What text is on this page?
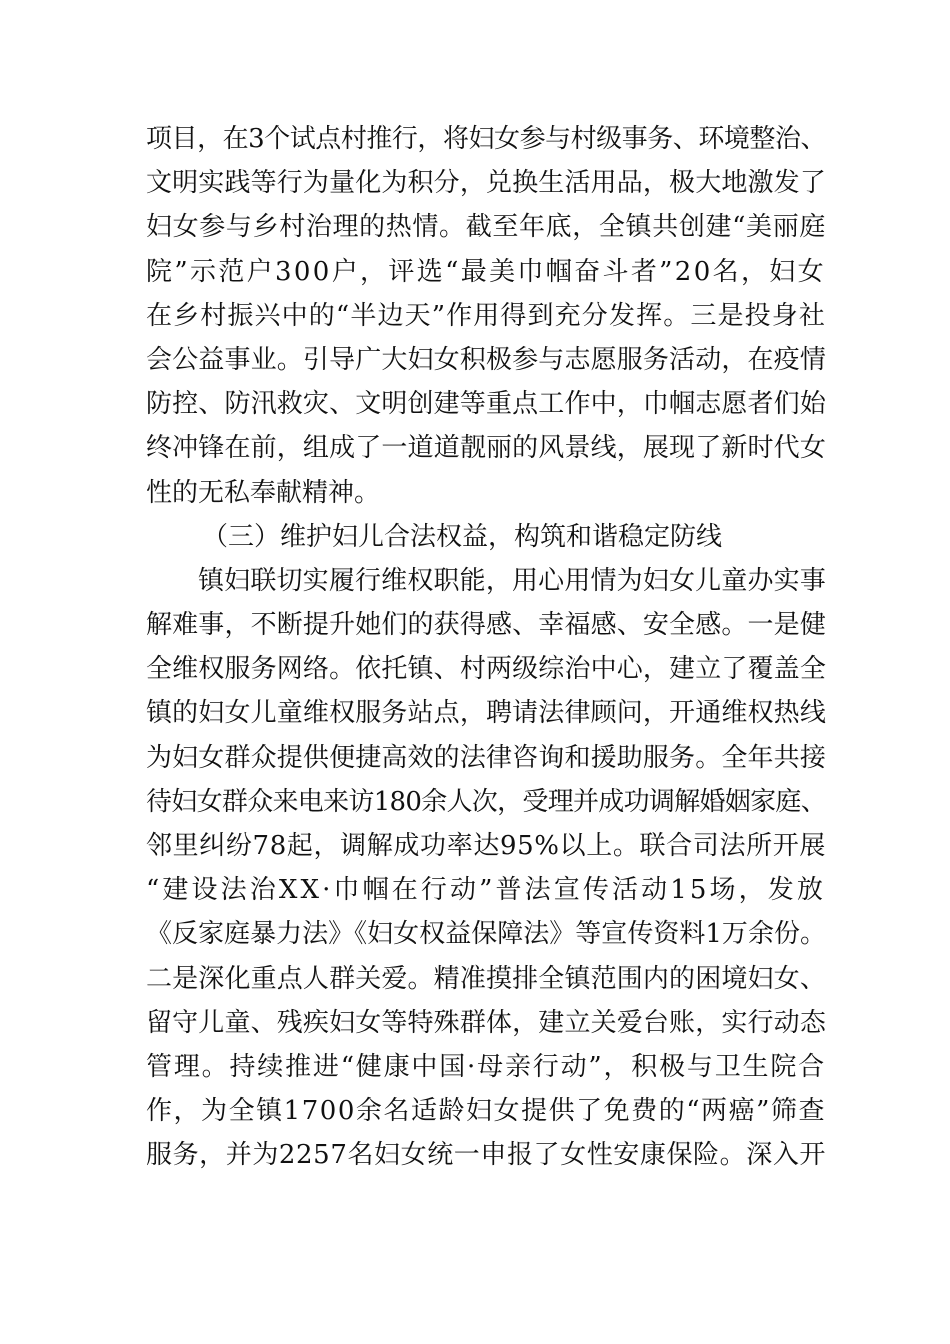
项目，在3个试点村推行，将妇女参与村级事务、环境整治、
文明实践等行为量化为积分，兑换生活用品，极大地激发了
妇女参与乡村治理的热情。截至年底，全镇共创建“美丽庭
院”示范户300户，评选“最美巾帼奋斗者”20名，妇女
在乡村振兴中的“半边天”作用得到充分发挥。三是投身社
会公益事业。引导广大妇女积极参与志愿服务活动，在疫情
防控、防汛救灾、文明创建等重点工作中，巾帼志愿者们始
终冲锋在前，组成了一道道靓丽的风景线，展现了新时代女
性的无私奉献精神。
（三）维护妇儿合法权益，构筑和谐稳定防线
镇妇联切实履行维权职能，用心用情为妇女儿童办实事
解难事，不断提升她们的获得感、幸福感、安全感。一是健
全维权服务网络。依托镇、村两级综治中心，建立了覆盖全
镇的妇女儿童维权服务站点，聘请法律顾问，开通维权热线
为妇女群众提供便捷高效的法律咨询和援助服务。全年共接
待妇女群众来电来访180余人次，受理并成功调解婚姻家庭、
邻里纠纷78起，调解成功率达95%以上。联合司法所开展
“建设法治XX·巾帼在行动”普法宣传活动15场，发放
《反家庭暴力法》《妇女权益保障法》等宣传资料1万余份。
二是深化重点人群关爱。精准摸排全镇范围内的困境妇女、
留守儿童、残疾妇女等特殊群体，建立关爱台账，实行动态
管理。持续推进“健康中国·母亲行动”，积极与卫生院合
作，为全镇1700余名适龄妇女提供了免费的“两癌”筛查
服务，并为2257名妇女统一申报了女性安康保险。深入开
